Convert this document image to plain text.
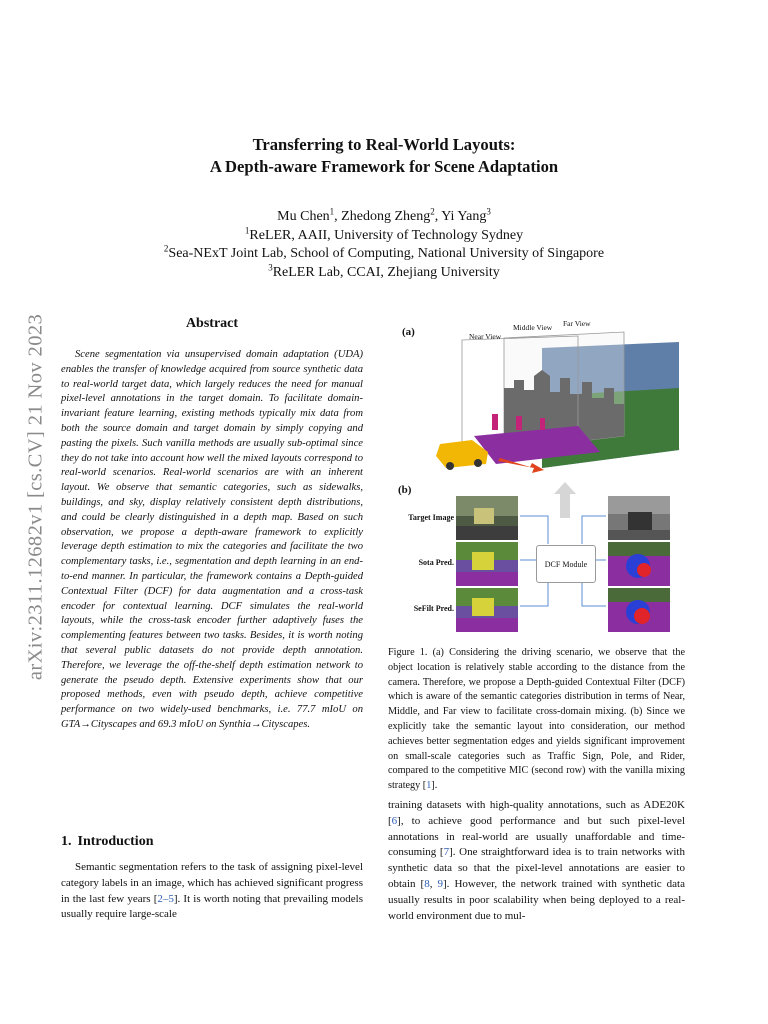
arXiv:2311.12682v1 [cs.CV] 21 Nov 2023
Transferring to Real-World Layouts:
A Depth-aware Framework for Scene Adaptation
Mu Chen$^1$, Zhedong Zheng$^2$, Yi Yang$^3$
$^1$ReLER, AAII, University of Technology Sydney
$^2$Sea-NExT Joint Lab, School of Computing, National University of Singapore
$^3$ReLER Lab, CCAI, Zhejiang University
Abstract

Scene segmentation via unsupervised domain adaptation (UDA) enables the transfer of knowledge acquired from source synthetic data to real-world target data, which largely reduces the need for manual pixel-level annotations in the target domain. To facilitate domain-invariant feature learning, existing methods typically mix data from both the source domain and target domain by simply copying and pasting the pixels. Such vanilla methods are usually sub-optimal since they do not take into account how well the mixed layouts correspond to real-world scenarios. Real-world scenarios are with an inherent layout. We observe that semantic categories, such as sidewalks, buildings, and sky, display relatively consistent depth distributions, and could be clearly distinguished in a depth map. Based on such observation, we propose a depth-aware framework to explicitly leverage depth estimation to mix the categories and facilitate the two complementary tasks, i.e., segmentation and depth learning in an end-to-end manner. In particular, the framework contains a Depth-guided Contextual Filter (DCF) for data augmentation and a cross-task encoder for contextual learning. DCF simulates the real-world layouts, while the cross-task encoder further adaptively fuses the complementing features between two tasks. Besides, it is worth noting that several public datasets do not provide depth annotation. Therefore, we leverage the off-the-shelf depth estimation network to generate the pseudo depth. Extensive experiments show that our proposed methods, even with pseudo depth, achieve competitive performance on two widely-used benchmarks, i.e. 77.7 mIoU on GTA→Cityscapes and 69.3 mIoU on Synthia→Cityscapes.

1. Introduction

Semantic segmentation refers to the task of assigning pixel-level category labels in an image, which has achieved significant progress in the last few years [2–5]. It is worth noting that prevailing models usually require large-scale

(a)	Near View
Middle View Far View
(b)
Target Image
Sota Pred.
SeFilt Pred.
DCF Module
Figure 1. (a) Considering the driving scenario, we observe that the object location is relatively stable according to the distance from the camera. Therefore, we propose a Depth-guided Contextual Filter (DCF) which is aware of the semantic categories distribution in terms of Near, Middle, and Far view to facilitate cross-domain mixing. (b) Since we explicitly take the semantic layout into consideration, our method achieves better segmentation edges and yields significant improvement on small-scale categories such as Traffic Sign, Pole, and Rider, compared to the competitive MIC (second row) with the vanilla mixing strategy [1].

training datasets with high-quality annotations, such as ADE20K [6], to achieve good performance and but such pixel-level annotations in real-world are usually unaffordable and time-consuming [7]. One straightforward idea is to train networks with synthetic data so that the pixel-level annotations are easier to obtain [8, 9]. However, the network trained with synthetic data usually results in poor scalability when being deployed to a real-world environment due to mul-
